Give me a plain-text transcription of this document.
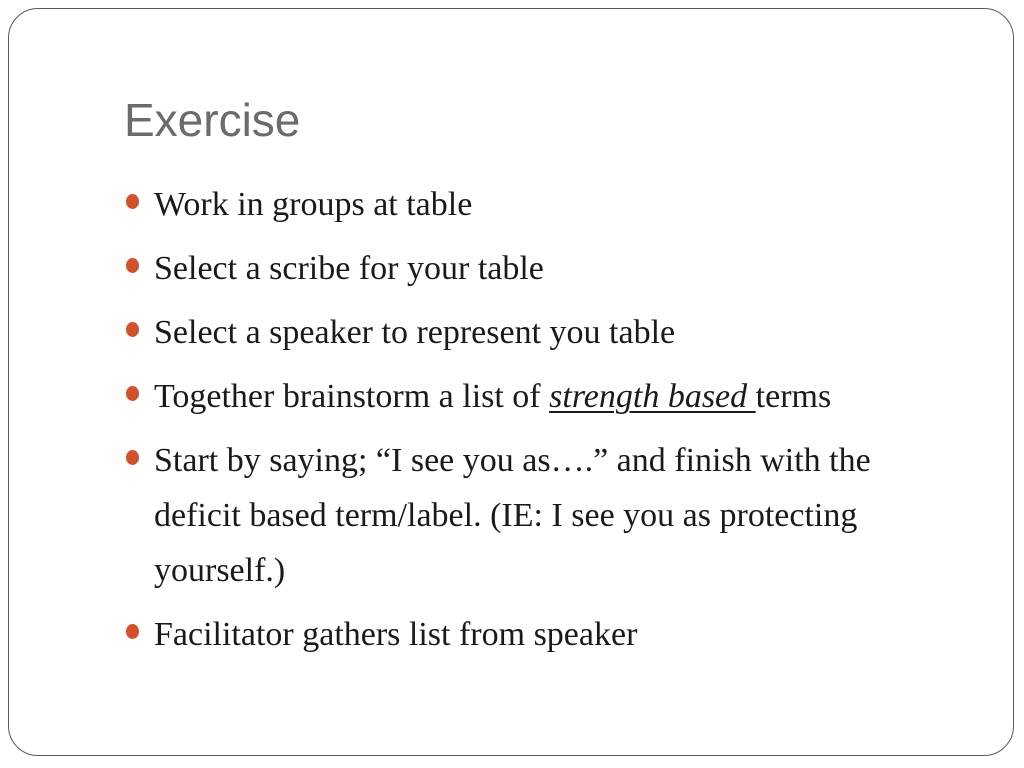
Exercise
Work in groups at table
Select a scribe for your table
Select a speaker to represent you table
Together brainstorm a list of strength based terms
Start by saying; “I see you as….” and finish with the deficit based term/label. (IE: I see you as protecting yourself.)
Facilitator gathers list from speaker
